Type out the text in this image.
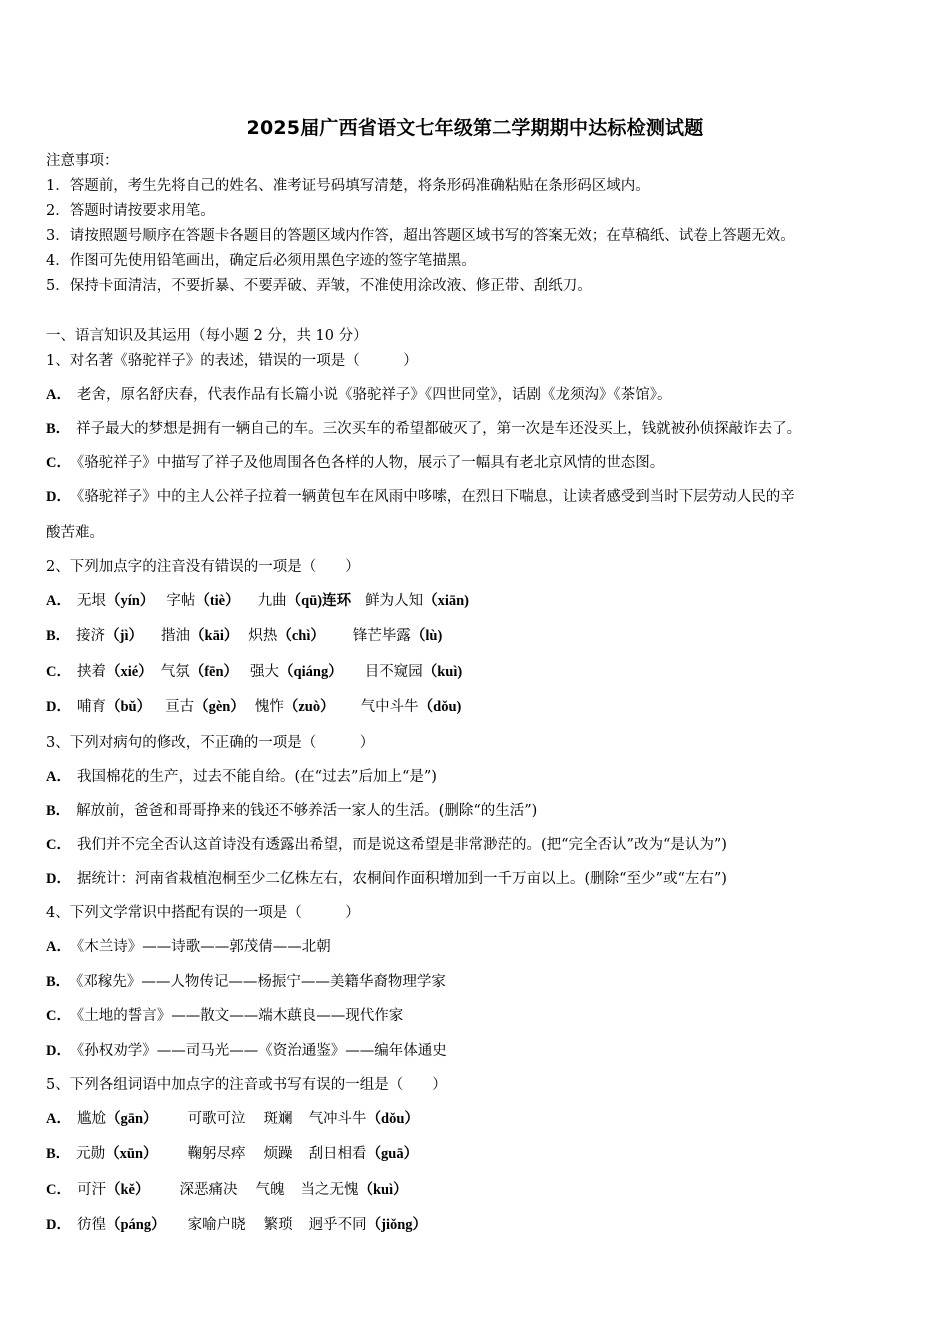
2025届广西省语文七年级第二学期期中达标检测试题
注意事项：
1．答题前，考生先将自己的姓名、准考证号码填写清楚，将条形码准确粘贴在条形码区域内。
2．答题时请按要求用笔。
3．请按照题号顺序在答题卡各题目的答题区域内作答，超出答题区域书写的答案无效；在草稿纸、试卷上答题无效。
4．作图可先使用铅笔画出，确定后必须用黑色字迹的签字笔描黑。
5．保持卡面清洁，不要折暴、不要弄破、弄皱，不准使用涂改液、修正带、刮纸刀。
一、语言知识及其运用（每小题 2 分，共 10 分）
1、对名著《骆驼祥子》的表述，错误的一项是（　　　）
A． 老舍，原名舒庆春，代表作品有长篇小说《骆驼祥子》《四世同堂》，话剧《龙须沟》《茶馆》。
B． 祥子最大的梦想是拥有一辆自己的车。三次买车的希望都破灭了，第一次是车还没买上，钱就被孙侦探敲诈去了。
C． 《骆驼祥子》中描写了祥子及他周围各色各样的人物，展示了一幅具有老北京风情的世态图。
D． 《骆驼祥子》中的主人公祥子拉着一辆黄包车在风雨中哆嗦，在烈日下喘息，让读者感受到当时下层劳动人民的辛
酸苦难。
2、下列加点字的注音没有错误的一项是（　　）
A． 无垠（yín） 字帖（tiè） 九曲（qū)连环 鲜为人知（xiān)
B． 接济（jì） 揩油（kāi） 炽热（chì） 锋芒毕露（lù)
C． 挟着（xié） 气氛（fēn） 强大（qiáng） 目不窥园（kuì)
D． 哺育（bǔ） 亘古（gèn） 愧怍（zuò） 气中斗牛（dǒu)
3、下列对病句的修改，不正确的一项是（　　　）
A． 我国棉花的生产，过去不能自给。(在“过去”后加上“是”)
B． 解放前，爸爸和哥哥挣来的钱还不够养活一家人的生活。(删除“的生活”)
C． 我们并不完全否认这首诗没有透露出希望，而是说这希望是非常渺茫的。(把“完全否认”改为“是认为”)
D． 据统计：河南省栽植泡桐至少二亿株左右，农桐间作面积增加到一千万亩以上。(删除“至少”或“左右”)
4、下列文学常识中搭配有误的一项是（　　　）
A． 《木兰诗》——诗歌——郭茂倩——北朝
B． 《邓稼先》——人物传记——杨振宁——美籍华裔物理学家
C． 《土地的誓言》——散文——端木蕻良——现代作家
D． 《孙权劝学》——司马光——《资治通鉴》——编年体通史
5、下列各组词语中加点字的注音或书写有误的一组是（　　）
A． 尴尬（gān） 可歌可泣 斑斓 气冲斗牛（dǒu）
B． 元勋（xūn） 鞠躬尽瘁 烦躁 刮日相看（guā）
C． 可汗（kě） 深恶痛决 气魄 当之无愧（kuì）
D． 彷徨（páng） 家喻户晓 繁琐 迥乎不同（jiǒng）
